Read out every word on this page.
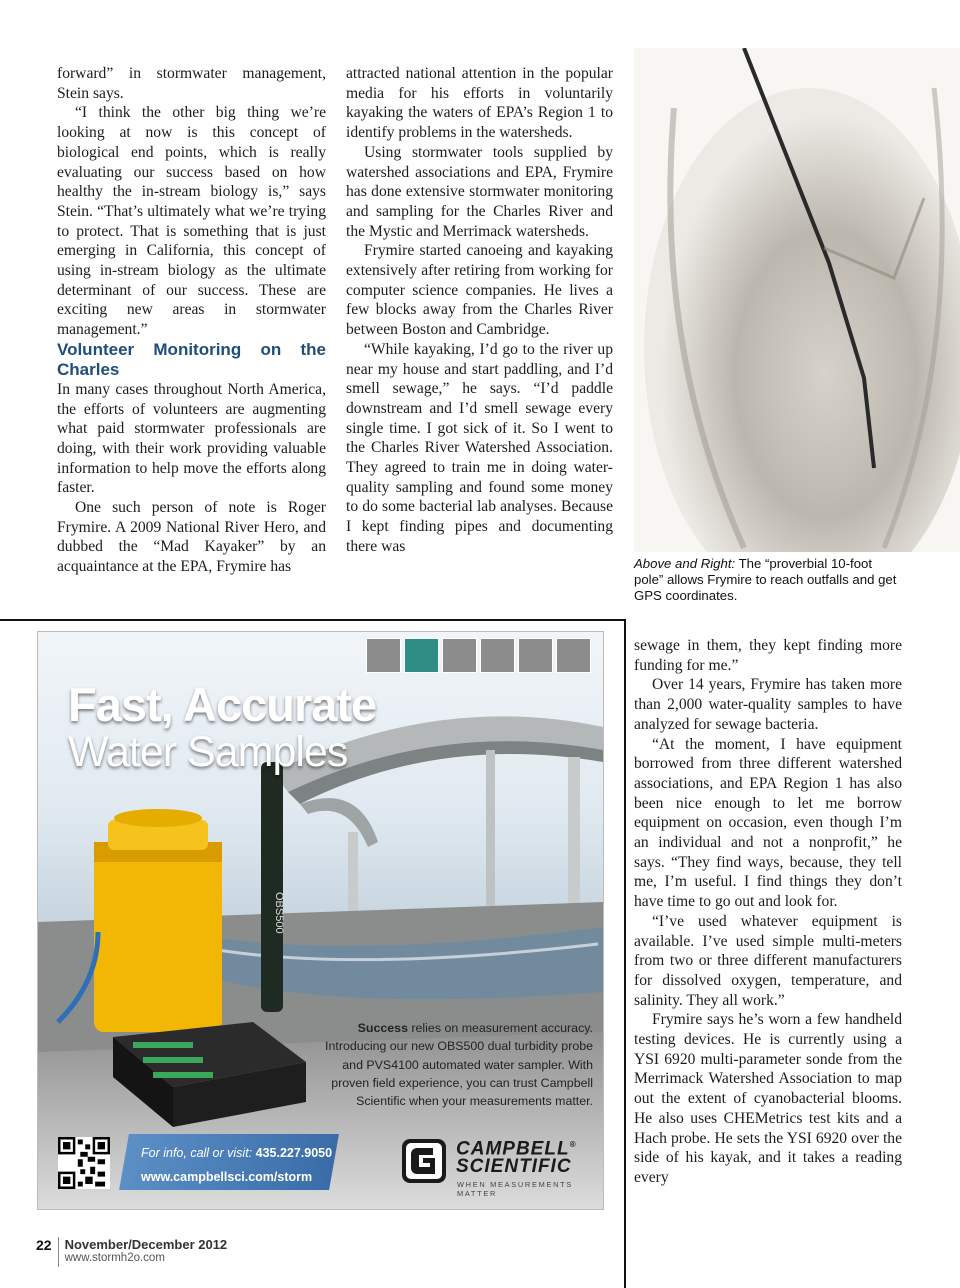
forward” in stormwater management, Stein says.

“I think the other big thing we’re looking at now is this concept of biological end points, which is really evaluating our success based on how healthy the in-stream biology is,” says Stein. “That’s ultimately what we’re trying to protect. That is something that is just emerging in California, this concept of using in-stream biology as the ultimate determinant of our success. These are exciting new areas in stormwater management.”

Volunteer Monitoring on the Charles

In many cases throughout North America, the efforts of volunteers are augmenting what paid stormwater professionals are doing, with their work providing valuable information to help move the efforts along faster.

One such person of note is Roger Frymire. A 2009 National River Hero, and dubbed the “Mad Kayaker” by an acquaintance at the EPA, Frymire has

attracted national attention in the popular media for his efforts in voluntarily kayaking the waters of EPA’s Region 1 to identify problems in the watersheds.

Using stormwater tools supplied by watershed associations and EPA, Frymire has done extensive stormwater monitoring and sampling for the Charles River and the Mystic and Merrimack watersheds.

Frymire started canoeing and kayaking extensively after retiring from working for computer science companies. He lives a few blocks away from the Charles River between Boston and Cambridge.

“While kayaking, I’d go to the river up near my house and start paddling, and I’d smell sewage,” he says. “I’d paddle downstream and I’d smell sewage every single time. I got sick of it. So I went to the Charles River Watershed Association. They agreed to train me in doing water-quality sampling and found some money to do some bacterial lab analyses. Because I kept finding pipes and documenting there was

Above and Right: The “proverbial 10-foot pole” allows Frymire to reach outfalls and get GPS coordinates.
OBS500
Fast, Accurate
Water Samples
Success relies on measurement accuracy. Introducing our new OBS500 dual turbidity probe and PVS4100 automated water sampler. With proven field experience, you can trust Campbell Scientific when your measurements matter.
For info, call or visit: 435.227.9050
www.campbellsci.com/storm
CAMPBELL®
SCIENTIFIC
WHEN MEASUREMENTS MATTER

sewage in them, they kept finding more funding for me.”

Over 14 years, Frymire has taken more than 2,000 water-quality samples to have analyzed for sewage bacteria.

“At the moment, I have equipment borrowed from three different watershed associations, and EPA Region 1 has also been nice enough to let me borrow equipment on occasion, even though I’m an individual and not a nonprofit,” he says. “They find ways, because, they tell me, I’m useful. I find things they don’t have time to go out and look for.

“I’ve used whatever equipment is available. I’ve used simple multi-meters from two or three different manufacturers for dissolved oxygen, temperature, and salinity. They all work.”

Frymire says he’s worn a few handheld testing devices. He is currently using a YSI 6920 multi-parameter sonde from the Merrimack Watershed Association to map out the extent of cyanobacterial blooms. He also uses CHEMetrics test kits and a Hach probe. He sets the YSI 6920 over the side of his kayak, and it takes a reading every

22 November/December 2012
www.stormh2o.com
